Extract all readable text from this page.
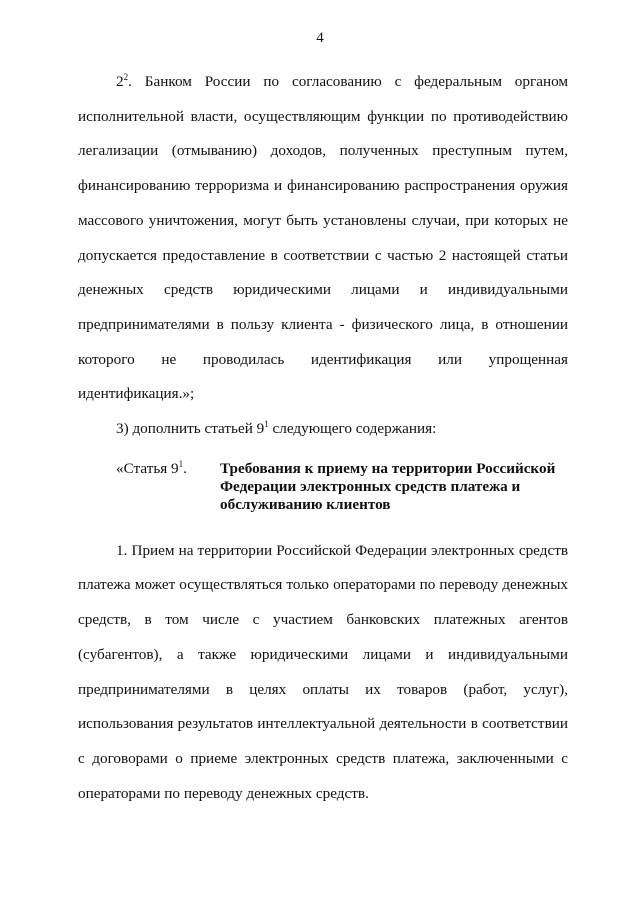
4

$2^2$. Банком России по согласованию с федеральным органом исполнительной власти, осуществляющим функции по противодействию легализации (отмыванию) доходов, полученных преступным путем, финансированию терроризма и финансированию распространения оружия массового уничтожения, могут быть установлены случаи, при которых не допускается предоставление в соответствии с частью 2 настоящей статьи денежных средств юридическими лицами и индивидуальными предпринимателями в пользу клиента - физического лица, в отношении которого не проводилась идентификация или упрощенная идентификация.»;

3) дополнить статьей $9^1$ следующего содержания:

«Статья $9^1$.	Требования к приему на территории Российской Федерации электронных средств платежа и обслуживанию клиентов

1. Прием на территории Российской Федерации электронных средств платежа может осуществляться только операторами по переводу денежных средств, в том числе с участием банковских платежных агентов (субагентов), а также юридическими лицами и индивидуальными предпринимателями в целях оплаты их товаров (работ, услуг), использования результатов интеллектуальной деятельности в соответствии с договорами о приеме электронных средств платежа, заключенными с операторами по переводу денежных средств.
